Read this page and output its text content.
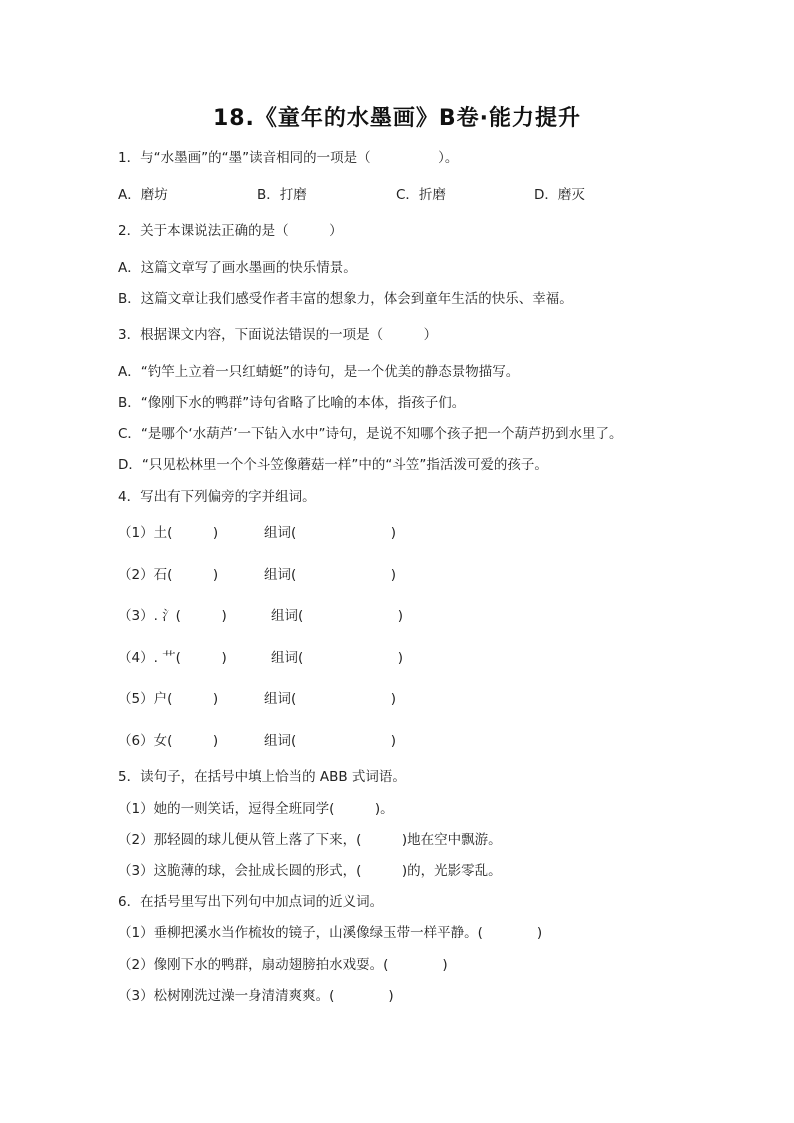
18.《童年的水墨画》B卷·能力提升
1．与“水墨画”的“墨”读音相同的一项是（　　　　　）。
A．磨坊	B．打磨	C．折磨	D．磨灭
2．关于本课说法正确的是（　　　）
A．这篇文章写了画水墨画的快乐情景。
B．这篇文章让我们感受作者丰富的想象力，体会到童年生活的快乐、幸福。
3．根据课文内容，下面说法错误的一项是（　　　）
A．“钓竿上立着一只红蜻蜓”的诗句，是一个优美的静态景物描写。
B．“像刚下水的鸭群”诗句省略了比喻的本体，指孩子们。
C．“是哪个‘水葫芦’一下钻入水中”诗句，是说不知哪个孩子把一个葫芦扔到水里了。
D．“只见松林里一个个斗笠像蘑菇一样”中的“斗笠”指活泼可爱的孩子。
4．写出有下列偏旁的字并组词。
（1）土(　　　)	组词(　　　　　　　)
（2）石(　　　)	组词(　　　　　　　)
（3）. 氵(　　　)	组词(　　　　　　　)
（4）. 艹(　　　)	组词(　　　　　　　)
（5）户(　　　)	组词(　　　　　　　)
（6）女(　　　)	组词(　　　　　　　)
5．读句子，在括号中填上恰当的 ABB 式词语。
（1）她的一则笑话，逗得全班同学(　　　)。
（2）那轻圆的球儿便从管上落了下来，(　　　)地在空中飘游。
（3）这脆薄的球，会扯成长圆的形式，(　　　)的，光影零乱。
6．在括号里写出下列句中加点词的近义词。
（1）垂柳把溪水当作梳妆的镜子，山溪像绿玉带一样平静。(　　　　)
（2）像刚下水的鸭群，扇动翅膀拍水戏耍。(　　　　)
（3）松树刚洗过澡一身清清爽爽。(　　　　)
